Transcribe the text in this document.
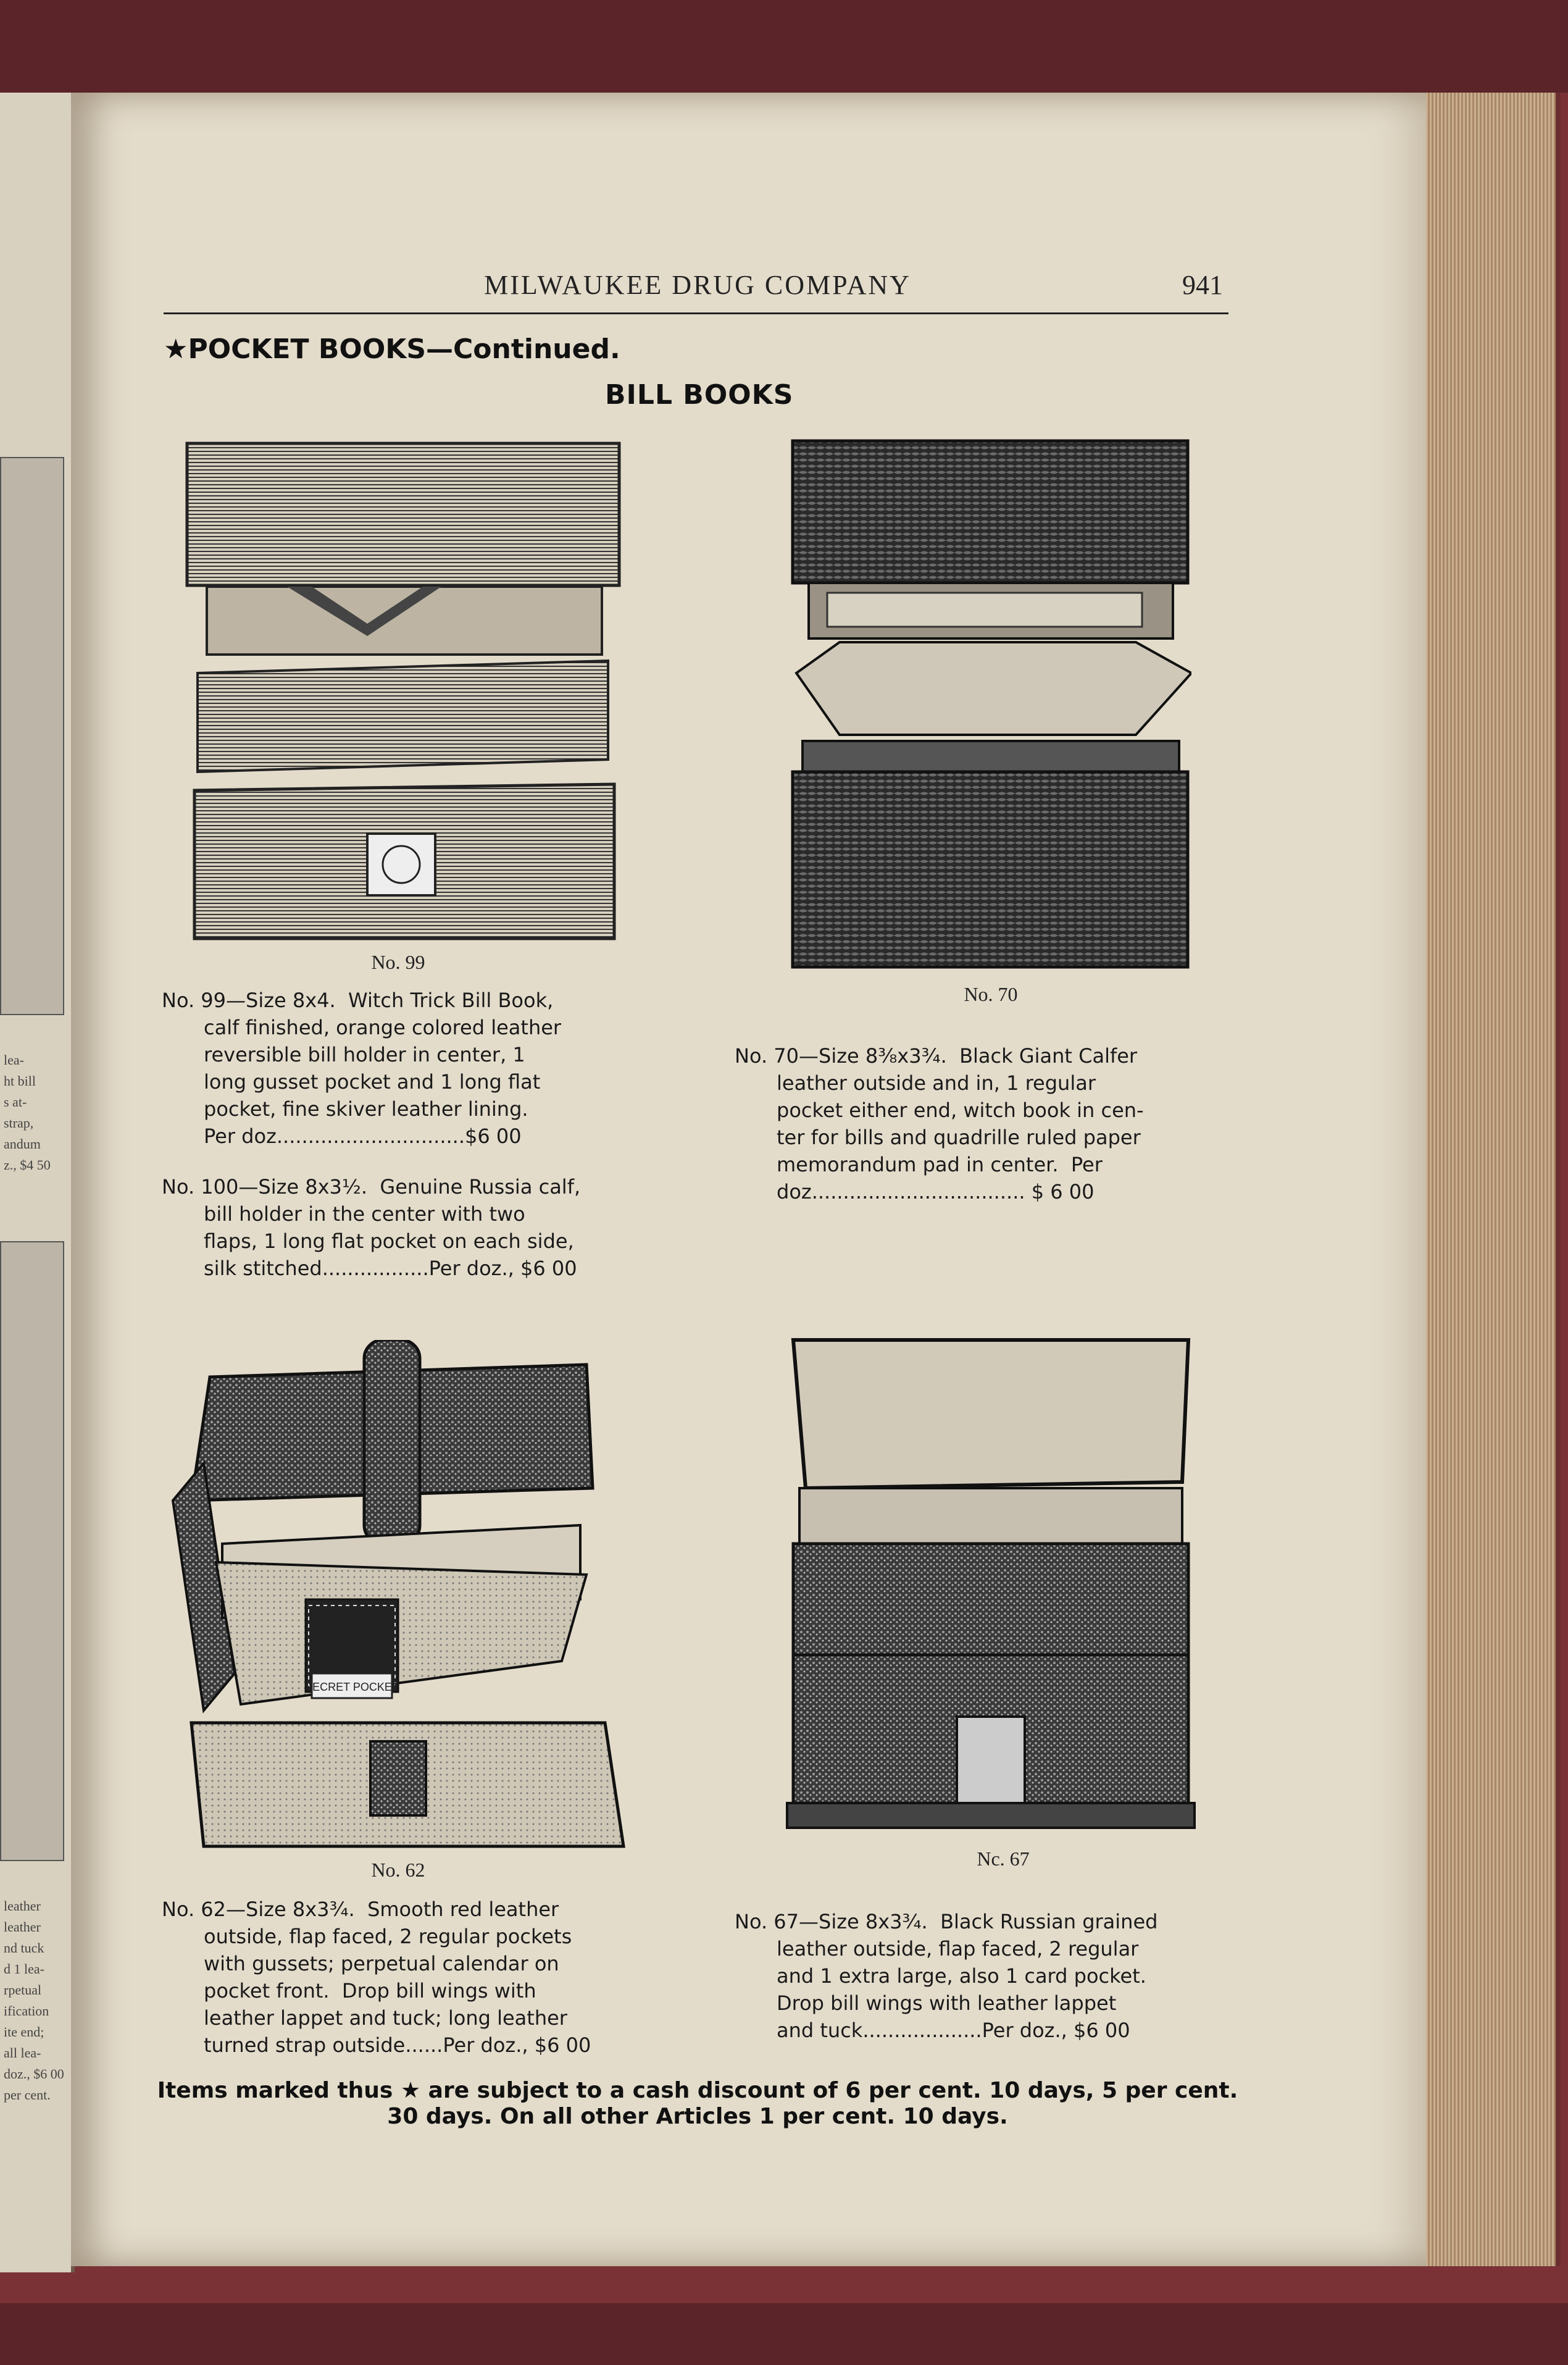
lea-
ht bill
s at-
strap,
andum
z., $4 50
leather
leather
nd tuck
d 1 lea-
rpetual
ification
ite end;
all lea-
doz., $6 00
per cent.
MILWAUKEE DRUG COMPANY	941
★POCKET BOOKS—Continued.
BILL BOOKS
No. 99
No. 70
No. 99—Size 8x4.  Witch Trick Bill Book,
calf finished, orange colored leather
reversible bill holder in center, 1
long gusset pocket and 1 long flat
pocket, fine skiver leather lining.
Per doz..............................$6 00
No. 100—Size 8x3½.  Genuine Russia calf,
bill holder in the center with two
flaps, 1 long flat pocket on each side,
silk stitched.................Per doz., $6 00
No. 70—Size 8⅜x3¾.  Black Giant Calfer
leather outside and in, 1 regular
pocket either end, witch book in cen-
ter for bills and quadrille ruled paper
memorandum pad in center.  Per
doz.................................. $ 6 00
SECRET POCKET
No. 62	Nc. 67
No. 62—Size 8x3¾.  Smooth red leather
outside, flap faced, 2 regular pockets
with gussets; perpetual calendar on
pocket front.  Drop bill wings with
leather lappet and tuck; long leather
turned strap outside......Per doz., $6 00
No. 67—Size 8x3¾.  Black Russian grained
leather outside, flap faced, 2 regular
and 1 extra large, also 1 card pocket.
Drop bill wings with leather lappet
and tuck...................Per doz., $6 00
Items marked thus ★ are subject to a cash discount of 6 per cent. 10 days, 5 per cent.
30 days. On all other Articles 1 per cent. 10 days.
